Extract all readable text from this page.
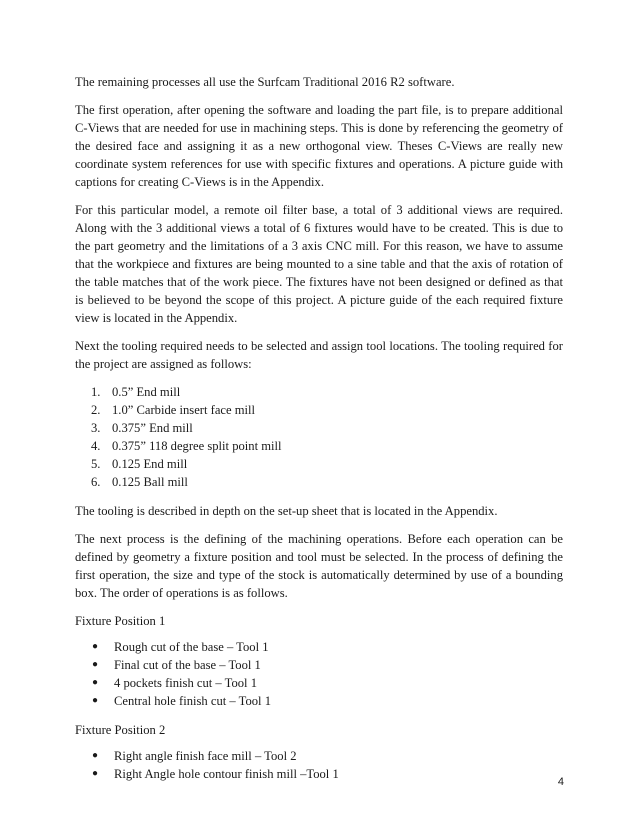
The remaining processes all use the Surfcam Traditional 2016 R2 software.

The first operation, after opening the software and loading the part file, is to prepare additional C-Views that are needed for use in machining steps. This is done by referencing the geometry of the desired face and assigning it as a new orthogonal view. Theses C-Views are really new coordinate system references for use with specific fixtures and operations. A picture guide with captions for creating C-Views is in the Appendix.

For this particular model, a remote oil filter base, a total of 3 additional views are required. Along with the 3 additional views a total of 6 fixtures would have to be created. This is due to the part geometry and the limitations of a 3 axis CNC mill. For this reason, we have to assume that the workpiece and fixtures are being mounted to a sine table and that the axis of rotation of the table matches that of the work piece. The fixtures have not been designed or defined as that is believed to be beyond the scope of this project. A picture guide of the each required fixture view is located in the Appendix.

Next the tooling required needs to be selected and assign tool locations. The tooling required for the project are assigned as follows:

1. 0.5” End mill
2. 1.0” Carbide insert face mill
3. 0.375” End mill
4. 0.375” 118 degree split point mill
5. 0.125 End mill
6. 0.125 Ball mill

The tooling is described in depth on the set-up sheet that is located in the Appendix.

The next process is the defining of the machining operations. Before each operation can be defined by geometry a fixture position and tool must be selected. In the process of defining the first operation, the size and type of the stock is automatically determined by use of a bounding box. The order of operations is as follows.

Fixture Position 1
● Rough cut of the base – Tool 1
● Final cut of the base – Tool 1
● 4 pockets finish cut – Tool 1
● Central hole finish cut – Tool 1
Fixture Position 2
● Right angle finish face mill – Tool 2
● Right Angle hole contour finish mill –Tool 1
4
